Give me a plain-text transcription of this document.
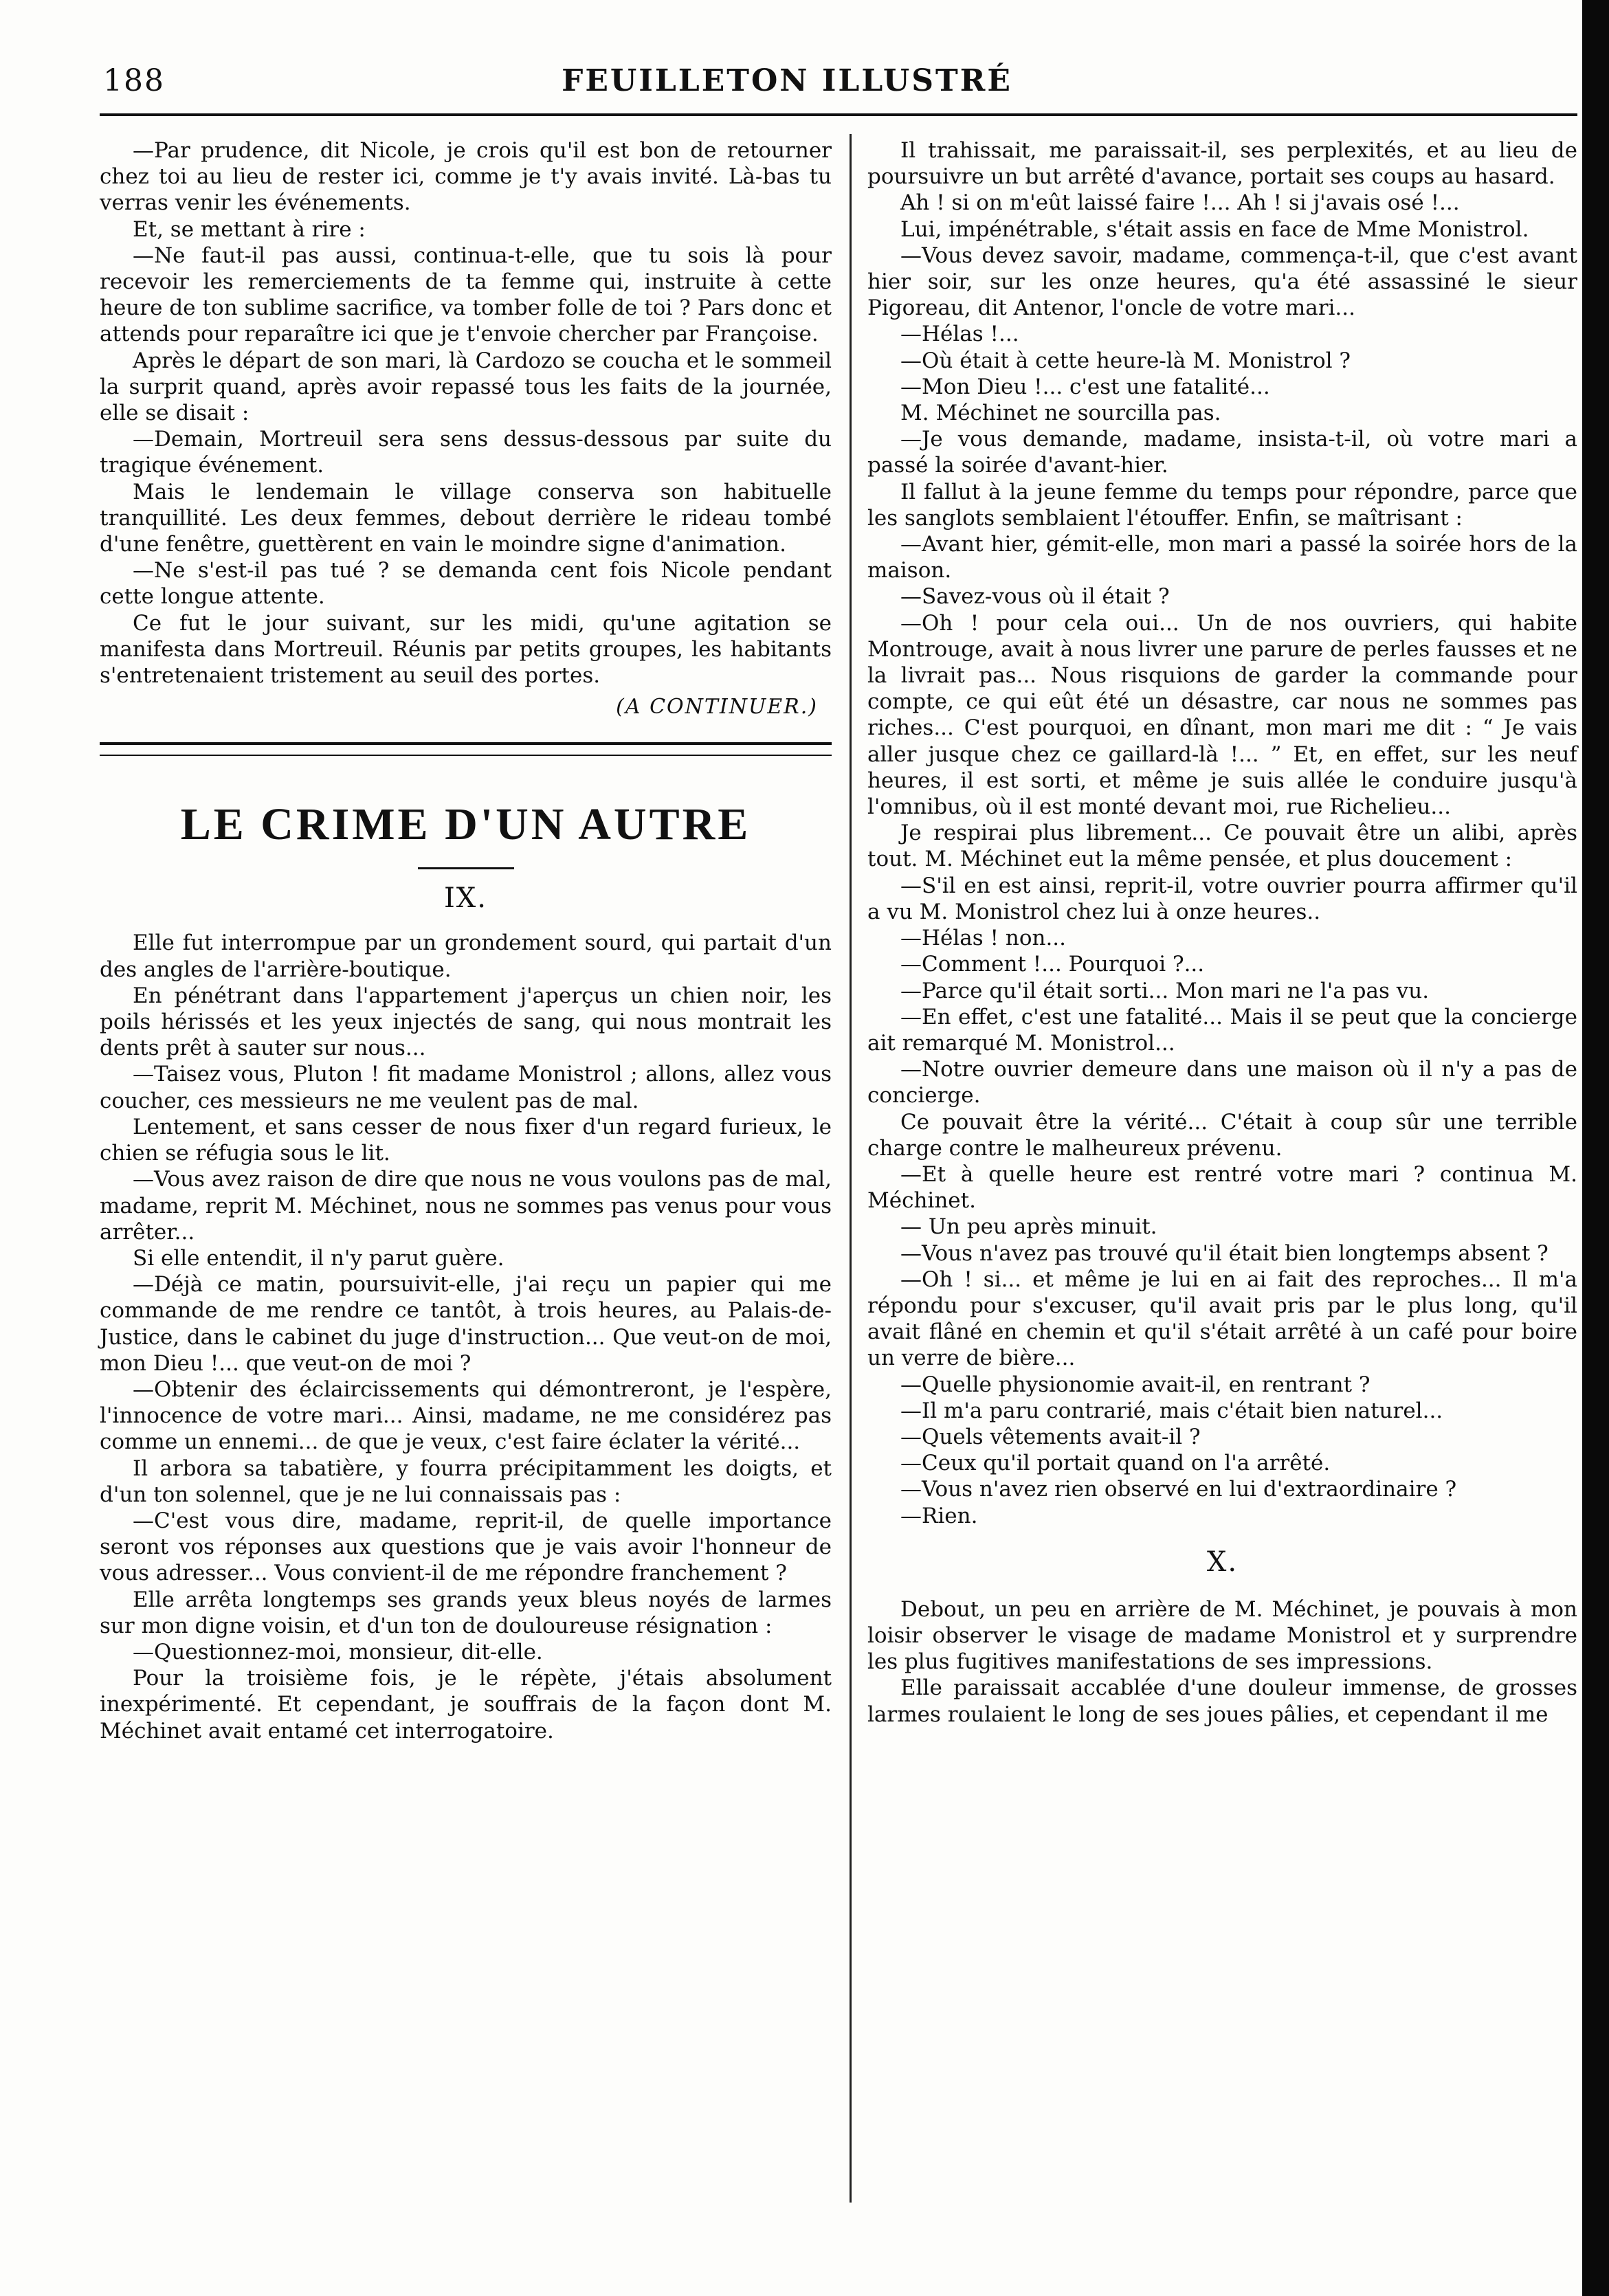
188	FEUILLETON ILLUSTRÉ

—Par prudence, dit Nicole, je crois qu'il est bon de retourner chez toi au lieu de rester ici, comme je t'y avais invité. Là-bas tu verras venir les événements.

Et, se mettant à rire :

—Ne faut-il pas aussi, continua-t-elle, que tu sois là pour recevoir les remerciements de ta femme qui, instruite à cette heure de ton sublime sacrifice, va tomber folle de toi ? Pars donc et attends pour reparaître ici que je t'envoie chercher par Françoise.

Après le départ de son mari, là Cardozo se coucha et le sommeil la surprit quand, après avoir repassé tous les faits de la journée, elle se disait :

—Demain, Mortreuil sera sens dessus-dessous par suite du tragique événement.

Mais le lendemain le village conserva son habituelle tranquillité. Les deux femmes, debout derrière le rideau tombé d'une fenêtre, guettèrent en vain le moindre signe d'animation.

—Ne s'est-il pas tué ? se demanda cent fois Nicole pendant cette longue attente.

Ce fut le jour suivant, sur les midi, qu'une agitation se manifesta dans Mortreuil. Réunis par petits groupes, les habitants s'entretenaient tristement au seuil des portes.

(A CONTINUER.)

LE CRIME D'UN AUTRE
IX.

Elle fut interrompue par un grondement sourd, qui partait d'un des angles de l'arrière-boutique.

En pénétrant dans l'appartement j'aperçus un chien noir, les poils hérissés et les yeux injectés de sang, qui nous montrait les dents prêt à sauter sur nous...

—Taisez vous, Pluton ! fit madame Monistrol ; allons, allez vous coucher, ces messieurs ne me veulent pas de mal.

Lentement, et sans cesser de nous fixer d'un regard furieux, le chien se réfugia sous le lit.

—Vous avez raison de dire que nous ne vous voulons pas de mal, madame, reprit M. Méchinet, nous ne sommes pas venus pour vous arrêter...

Si elle entendit, il n'y parut guère.

—Déjà ce matin, poursuivit-elle, j'ai reçu un papier qui me commande de me rendre ce tantôt, à trois heures, au Palais-de-Justice, dans le cabinet du juge d'instruction... Que veut-on de moi, mon Dieu !... que veut-on de moi ?

—Obtenir des éclaircissements qui démontreront, je l'espère, l'innocence de votre mari... Ainsi, madame, ne me considérez pas comme un ennemi... de que je veux, c'est faire éclater la vérité...

Il arbora sa tabatière, y fourra précipitamment les doigts, et d'un ton solennel, que je ne lui connaissais pas :

—C'est vous dire, madame, reprit-il, de quelle importance seront vos réponses aux questions que je vais avoir l'honneur de vous adresser... Vous convient-il de me répondre franchement ?

Elle arrêta longtemps ses grands yeux bleus noyés de larmes sur mon digne voisin, et d'un ton de douloureuse résignation :

—Questionnez-moi, monsieur, dit-elle.

Pour la troisième fois, je le répète, j'étais absolument inexpérimenté. Et cependant, je souffrais de la façon dont M. Méchinet avait entamé cet interrogatoire.

Il trahissait, me paraissait-il, ses perplexités, et au lieu de poursuivre un but arrêté d'avance, portait ses coups au hasard.

Ah ! si on m'eût laissé faire !... Ah ! si j'avais osé !...

Lui, impénétrable, s'était assis en face de Mme Monistrol.

—Vous devez savoir, madame, commença-t-il, que c'est avant hier soir, sur les onze heures, qu'a été assassiné le sieur Pigoreau, dit Antenor, l'oncle de votre mari...

—Hélas !...

—Où était à cette heure-là M. Monistrol ?

—Mon Dieu !... c'est une fatalité...

M. Méchinet ne sourcilla pas.

—Je vous demande, madame, insista-t-il, où votre mari a passé la soirée d'avant-hier.

Il fallut à la jeune femme du temps pour répondre, parce que les sanglots semblaient l'étouffer. Enfin, se maîtrisant :

—Avant hier, gémit-elle, mon mari a passé la soirée hors de la maison.

—Savez-vous où il était ?

—Oh ! pour cela oui... Un de nos ouvriers, qui habite Montrouge, avait à nous livrer une parure de perles fausses et ne la livrait pas... Nous risquions de garder la commande pour compte, ce qui eût été un désastre, car nous ne sommes pas riches... C'est pourquoi, en dînant, mon mari me dit : “ Je vais aller jusque chez ce gaillard-là !... ” Et, en effet, sur les neuf heures, il est sorti, et même je suis allée le conduire jusqu'à l'omnibus, où il est monté devant moi, rue Richelieu...

Je respirai plus librement... Ce pouvait être un alibi, après tout. M. Méchinet eut la même pensée, et plus doucement :

—S'il en est ainsi, reprit-il, votre ouvrier pourra affirmer qu'il a vu M. Monistrol chez lui à onze heures..

—Hélas ! non...

—Comment !... Pourquoi ?...

—Parce qu'il était sorti... Mon mari ne l'a pas vu.

—En effet, c'est une fatalité... Mais il se peut que la concierge ait remarqué M. Monistrol...

—Notre ouvrier demeure dans une maison où il n'y a pas de concierge.

Ce pouvait être la vérité... C'était à coup sûr une terrible charge contre le malheureux prévenu.

—Et à quelle heure est rentré votre mari ? continua M. Méchinet.

— Un peu après minuit.

—Vous n'avez pas trouvé qu'il était bien longtemps absent ?

—Oh ! si... et même je lui en ai fait des reproches... Il m'a répondu pour s'excuser, qu'il avait pris par le plus long, qu'il avait flâné en chemin et qu'il s'était arrêté à un café pour boire un verre de bière...

—Quelle physionomie avait-il, en rentrant ?

—Il m'a paru contrarié, mais c'était bien naturel...

—Quels vêtements avait-il ?

—Ceux qu'il portait quand on l'a arrêté.

—Vous n'avez rien observé en lui d'extraordinaire ?

—Rien.

X.

Debout, un peu en arrière de M. Méchinet, je pouvais à mon loisir observer le visage de madame Monistrol et y surprendre les plus fugitives manifestations de ses impressions.

Elle paraissait accablée d'une douleur immense, de grosses larmes roulaient le long de ses joues pâlies, et cependant il me
